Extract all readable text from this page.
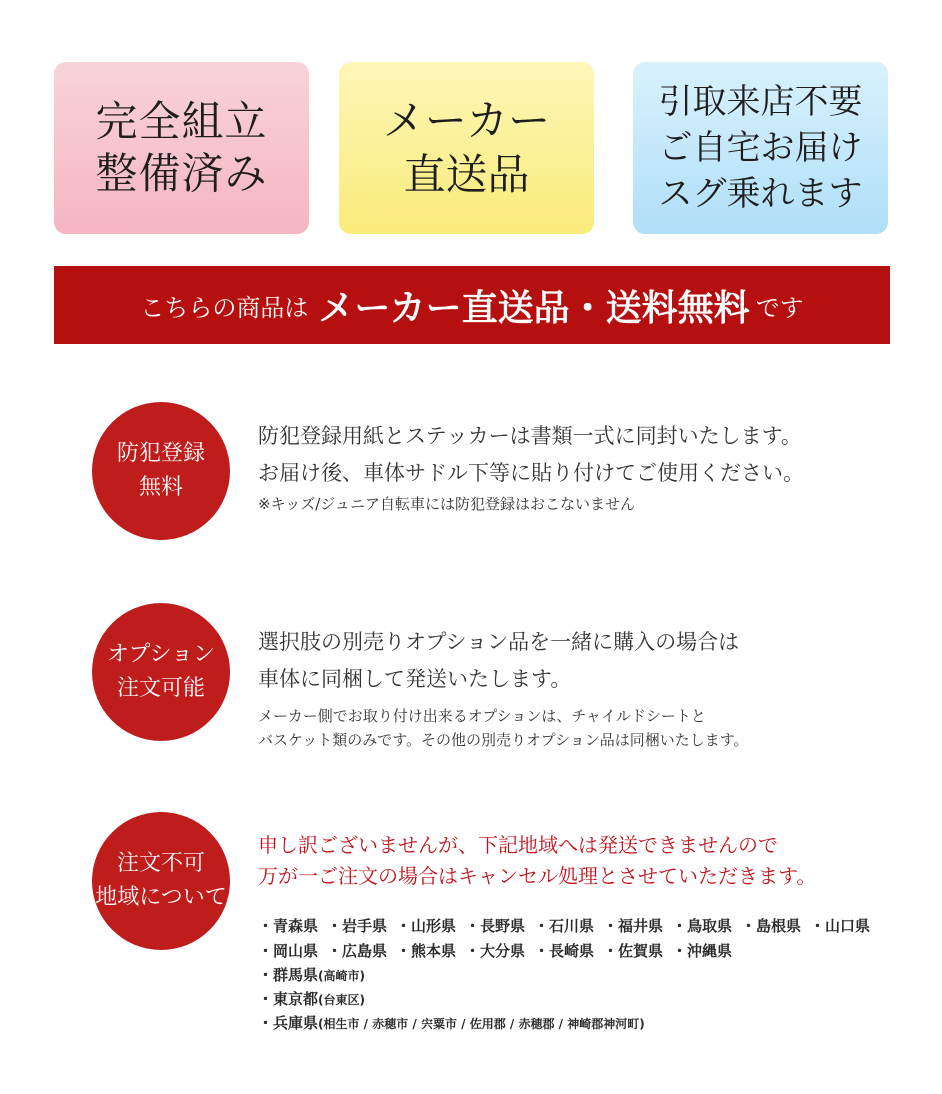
完全組立
整備済み
メーカー
直送品
引取来店不要
ご自宅お届け
スグ乗れます
こちらの商品は メーカー直送品・送料無料 です
防犯登録
無料
防犯登録用紙とステッカーは書類一式に同封いたします。
お届け後、車体サドル下等に貼り付けてご使用ください。
※キッズ/ジュニア自転車には防犯登録はおこないません
オプション
注文可能
選択肢の別売りオプション品を一緒に購入の場合は
車体に同梱して発送いたします。
メーカー側でお取り付け出来るオプションは、チャイルドシートと
バスケット類のみです。その他の別売りオプション品は同梱いたします。
注文不可
地域について
申し訳ございませんが、下記地域へは発送できませんので
万が一ご注文の場合はキャンセル処理とさせていただきます。
・青森県 ・岩手県 ・山形県 ・長野県 ・石川県 ・福井県 ・鳥取県 ・島根県 ・山口県
・岡山県 ・広島県 ・熊本県 ・大分県 ・長崎県 ・佐賀県 ・沖縄県
・群馬県(高崎市)
・東京都(台東区)
・兵庫県(相生市 / 赤穂市 / 宍粟市 / 佐用郡 / 赤穂郡 / 神崎郡神河町)
